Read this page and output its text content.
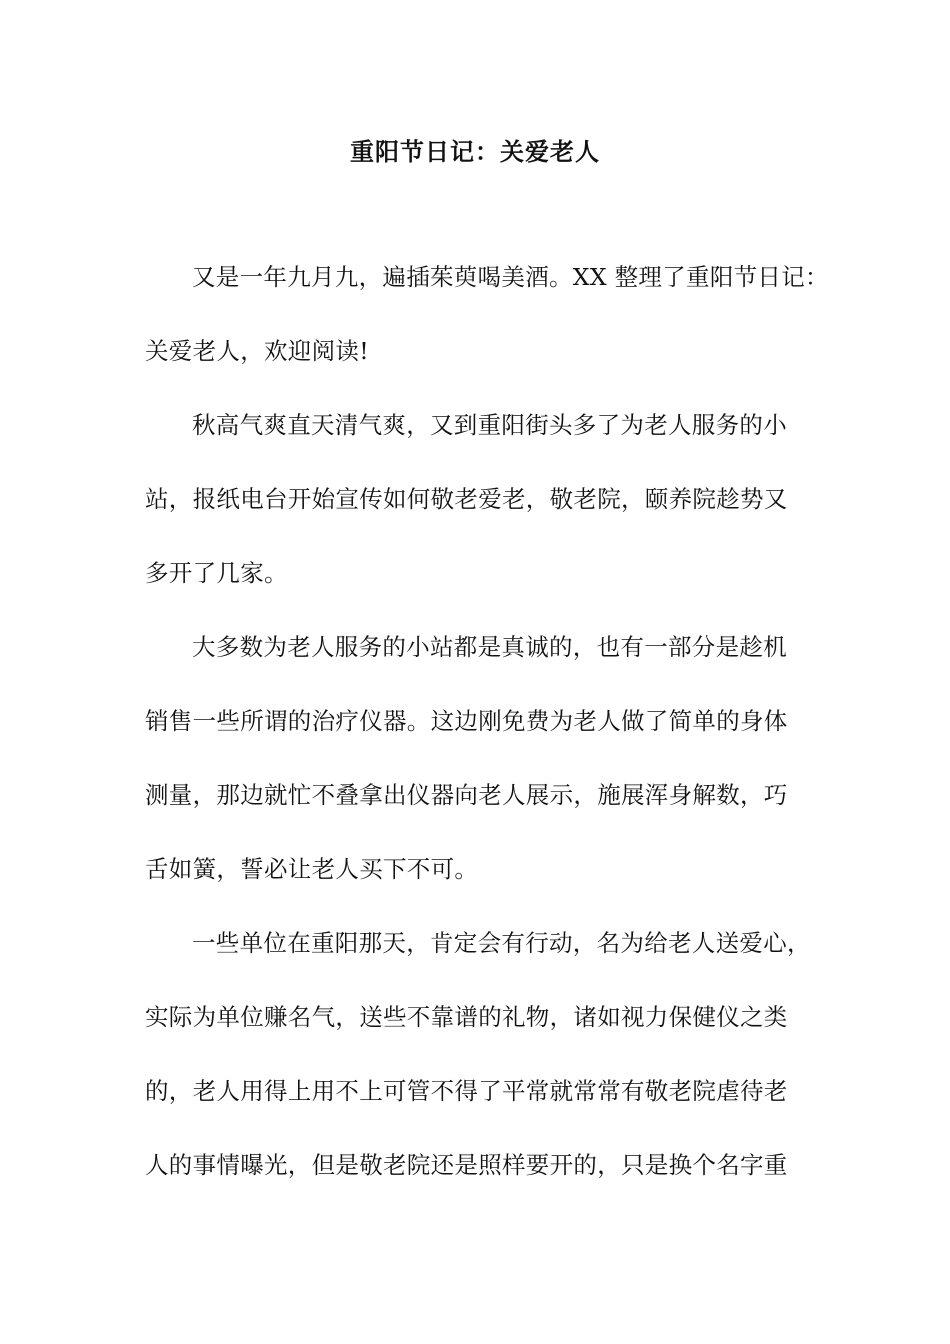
重阳节日记：关爱老人
又是一年九月九，遍插茱萸喝美酒。XX 整理了重阳节日记：
关爱老人，欢迎阅读!
秋高气爽直天清气爽，又到重阳街头多了为老人服务的小
站，报纸电台开始宣传如何敬老爱老，敬老院，颐养院趁势又
多开了几家。
大多数为老人服务的小站都是真诚的，也有一部分是趁机
销售一些所谓的治疗仪器。这边刚免费为老人做了简单的身体
测量，那边就忙不叠拿出仪器向老人展示，施展浑身解数，巧
舌如簧，誓必让老人买下不可。
一些单位在重阳那天，肯定会有行动，名为给老人送爱心，
实际为单位赚名气，送些不靠谱的礼物，诸如视力保健仪之类
的，老人用得上用不上可管不得了平常就常常有敬老院虐待老
人的事情曝光，但是敬老院还是照样要开的，只是换个名字重
